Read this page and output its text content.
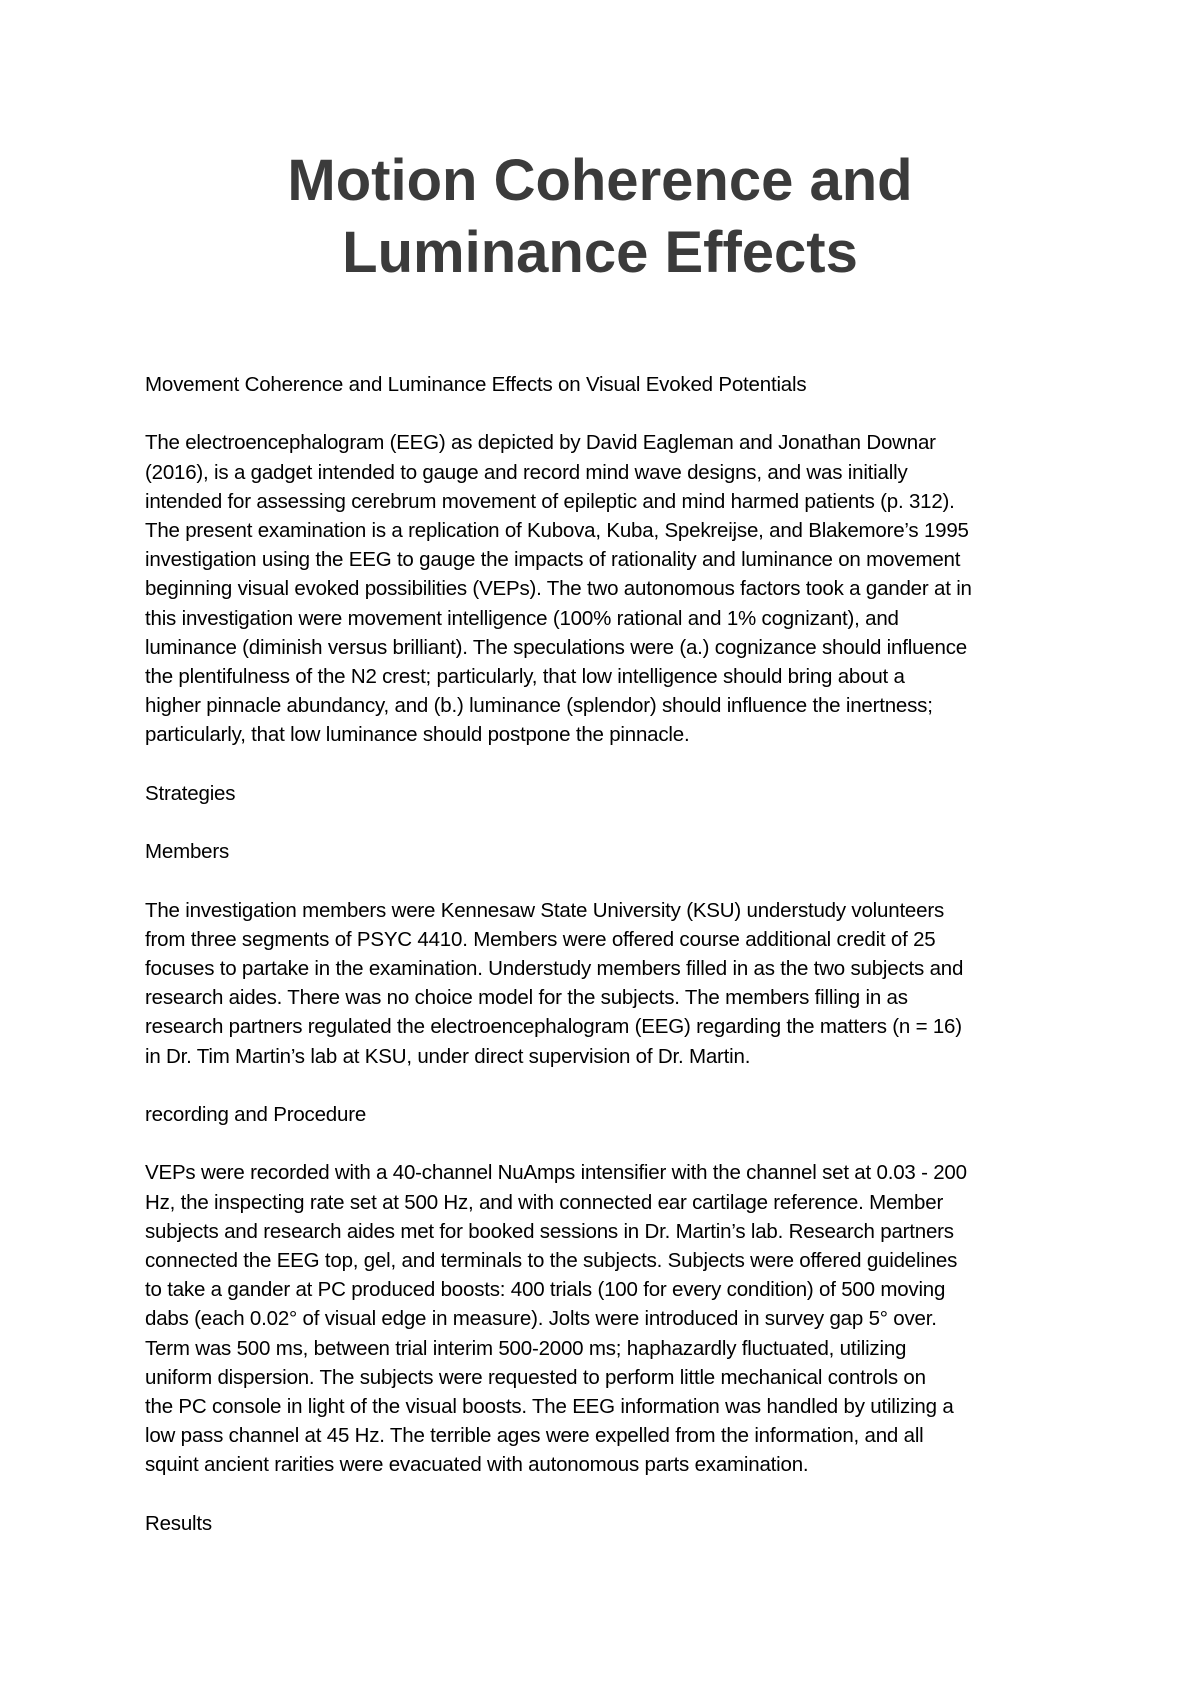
Motion Coherence and
Luminance Effects

Movement Coherence and Luminance Effects on Visual Evoked Potentials

The electroencephalogram (EEG) as depicted by David Eagleman and Jonathan Downar
(2016), is a gadget intended to gauge and record mind wave designs, and was initially
intended for assessing cerebrum movement of epileptic and mind harmed patients (p. 312).
The present examination is a replication of Kubova, Kuba, Spekreijse, and Blakemore’s 1995
investigation using the EEG to gauge the impacts of rationality and luminance on movement
beginning visual evoked possibilities (VEPs). The two autonomous factors took a gander at in
this investigation were movement intelligence (100% rational and 1% cognizant), and
luminance (diminish versus brilliant). The speculations were (a.) cognizance should influence
the plentifulness of the N2 crest; particularly, that low intelligence should bring about a
higher pinnacle abundancy, and (b.) luminance (splendor) should influence the inertness;
particularly, that low luminance should postpone the pinnacle.

Strategies

Members

The investigation members were Kennesaw State University (KSU) understudy volunteers
from three segments of PSYC 4410. Members were offered course additional credit of 25
focuses to partake in the examination. Understudy members filled in as the two subjects and
research aides. There was no choice model for the subjects. The members filling in as
research partners regulated the electroencephalogram (EEG) regarding the matters (n = 16)
in Dr. Tim Martin’s lab at KSU, under direct supervision of Dr. Martin.

recording and Procedure

VEPs were recorded with a 40-channel NuAmps intensifier with the channel set at 0.03 - 200
Hz, the inspecting rate set at 500 Hz, and with connected ear cartilage reference. Member
subjects and research aides met for booked sessions in Dr. Martin’s lab. Research partners
connected the EEG top, gel, and terminals to the subjects. Subjects were offered guidelines
to take a gander at PC produced boosts: 400 trials (100 for every condition) of 500 moving
dabs (each 0.02° of visual edge in measure). Jolts were introduced in survey gap 5° over.
Term was 500 ms, between trial interim 500-2000 ms; haphazardly fluctuated, utilizing
uniform dispersion. The subjects were requested to perform little mechanical controls on
the PC console in light of the visual boosts. The EEG information was handled by utilizing a
low pass channel at 45 Hz. The terrible ages were expelled from the information, and all
squint ancient rarities were evacuated with autonomous parts examination.

Results
